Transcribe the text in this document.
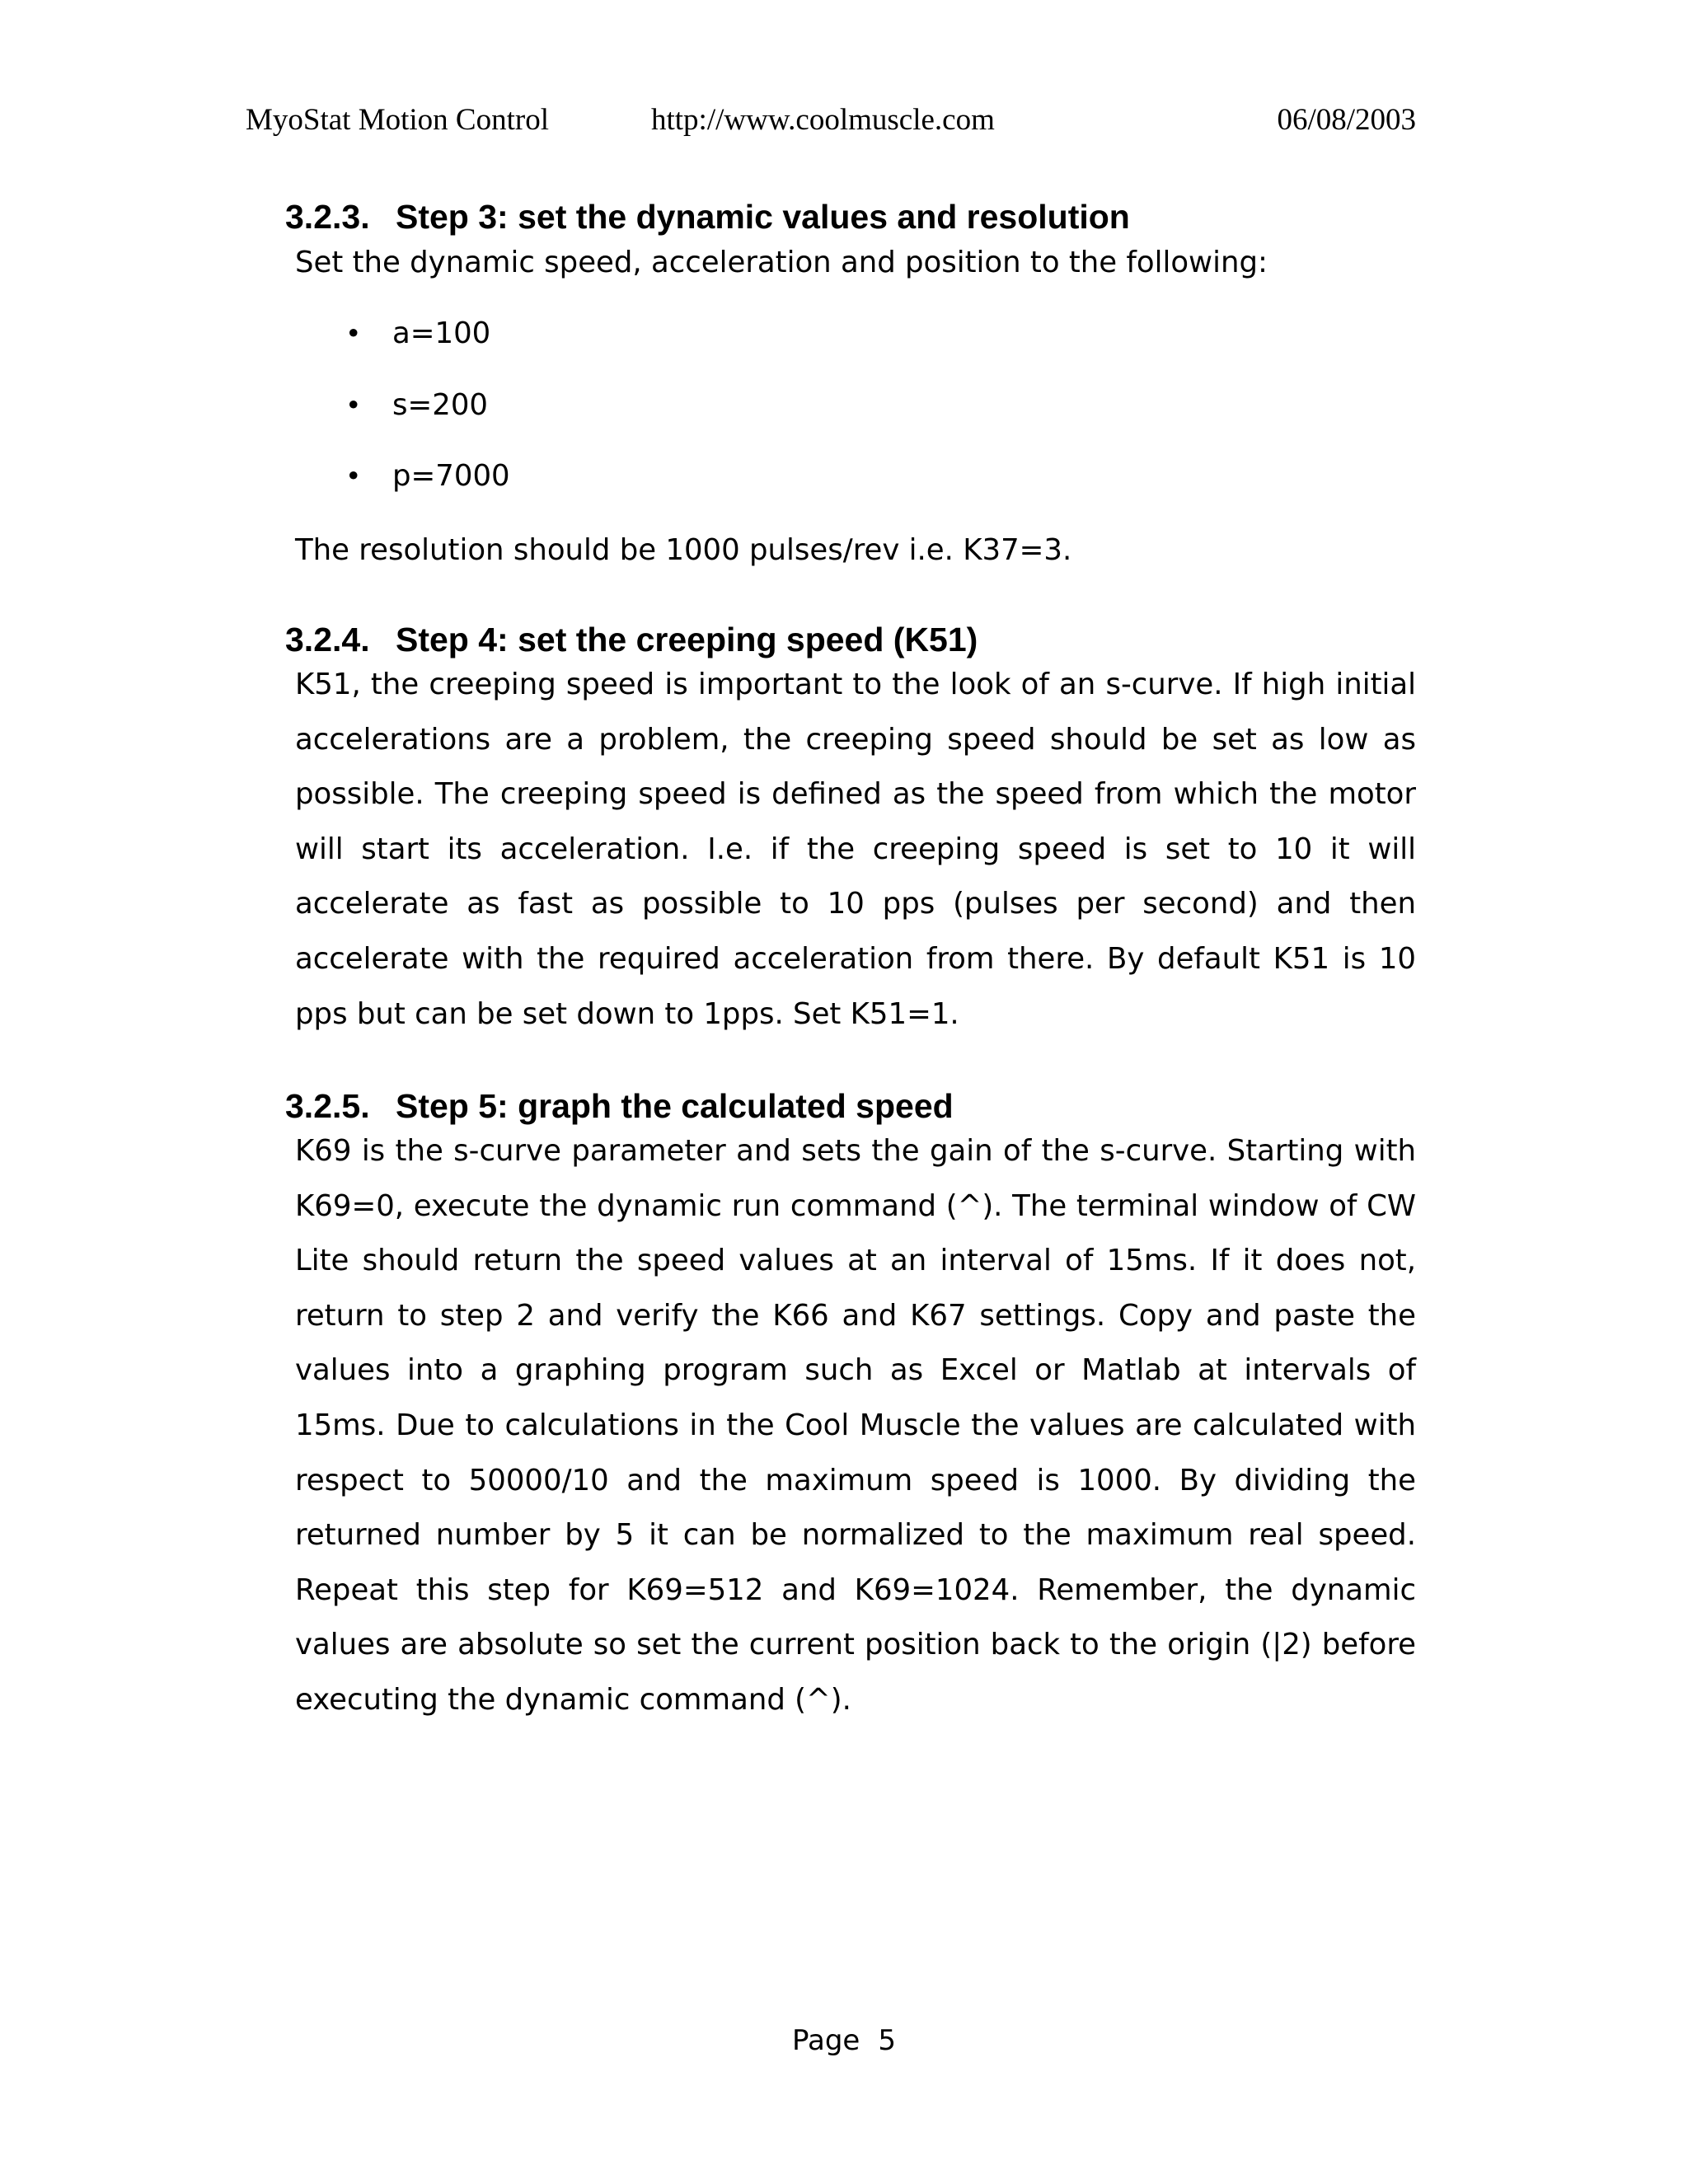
MyoStat Motion Control	http://www.coolmuscle.com	06/08/2003
3.2.3. Step 3: set the dynamic values and resolution

Set the dynamic speed, acceleration and position to the following:

• a=100
• s=200
• p=7000

The resolution should be 1000 pulses/rev i.e. K37=3.

3.2.4. Step 4: set the creeping speed (K51)

K51, the creeping speed is important to the look of an s-curve. If high initial accelerations are a problem, the creeping speed should be set as low as possible. The creeping speed is defined as the speed from which the motor will start its acceleration. I.e. if the creeping speed is set to 10 it will accelerate as fast as possible to 10 pps (pulses per second) and then accelerate with the required acceleration from there. By default K51 is 10 pps but can be set down to 1pps. Set K51=1.

3.2.5. Step 5: graph the calculated speed

K69 is the s-curve parameter and sets the gain of the s-curve. Starting with K69=0, execute the dynamic run command (^). The terminal window of CW Lite should return the speed values at an interval of 15ms. If it does not, return to step 2 and verify the K66 and K67 settings. Copy and paste the values into a graphing program such as Excel or Matlab at intervals of 15ms. Due to calculations in the Cool Muscle the values are calculated with respect to 50000/10 and the maximum speed is 1000. By dividing the returned number by 5 it can be normalized to the maximum real speed. Repeat this step for K69=512 and K69=1024. Remember, the dynamic values are absolute so set the current position back to the origin (|2) before executing the dynamic command (^).

Page 5
